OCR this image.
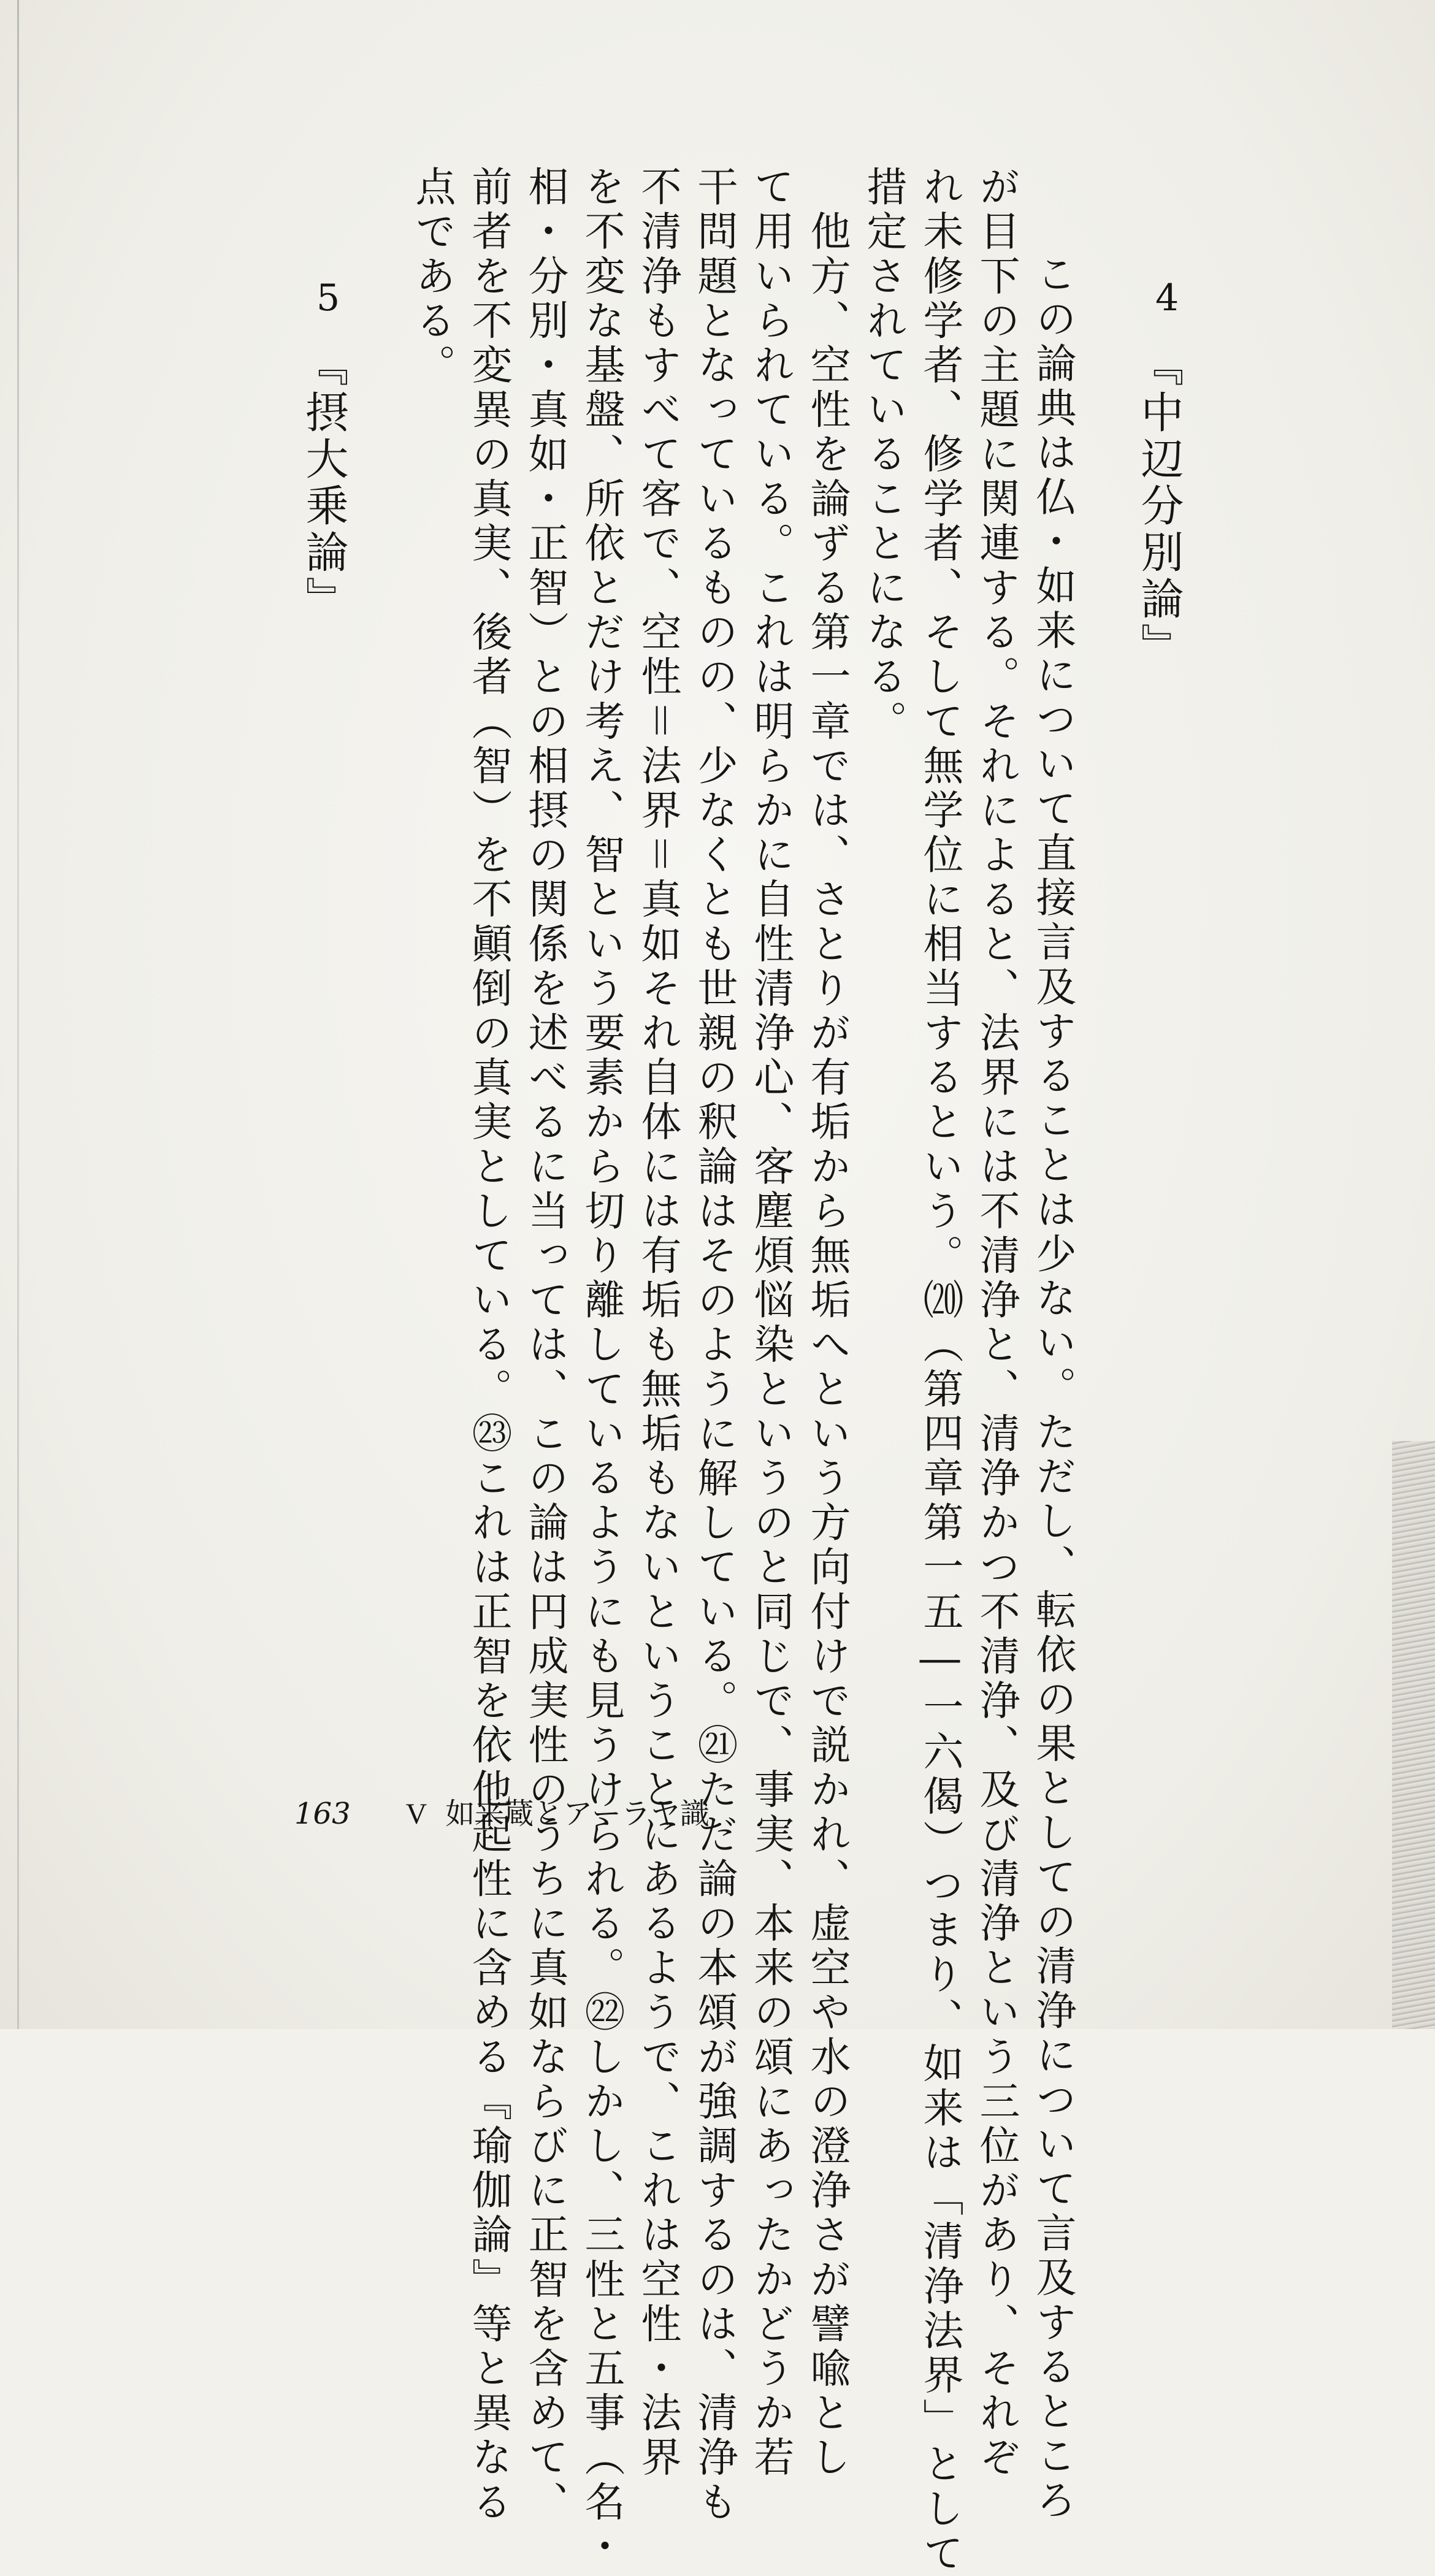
4
『中辺分別論』

　この論典は仏・如来について直接言及することは少ない。ただし、転依の果としての清浄について言及するところ

が目下の主題に関連する。それによると、法界には不清浄と、清浄かつ不清浄、及び清浄という三位があり、それぞ

れ未修学者、修学者、そして無学位に相当するという。⒇（第四章第一五―一六偈）つまり、如来は「清浄法界」として

措定されていることになる。

　他方、空性を論ずる第一章では、さとりが有垢から無垢へという方向付けで説かれ、虚空や水の澄浄さが譬喩とし

て用いられている。これは明らかに自性清浄心、客塵煩悩染というのと同じで、事実、本来の頌にあったかどうか若

干問題となっているものの、少なくとも世親の釈論はそのように解している。㉑ただ論の本頌が強調するのは、清浄も

不清浄もすべて客で、空性＝法界＝真如それ自体には有垢も無垢もないということにあるようで、これは空性・法界

を不変な基盤、所依とだけ考え、智という要素から切り離しているようにも見うけられる。㉒しかし、三性と五事（名・

相・分別・真如・正智）との相摂の関係を述べるに当っては、この論は円成実性のうちに真如ならびに正智を含めて、

前者を不変異の真実、後者（智）を不顚倒の真実としている。㉓これは正智を依他起性に含める『瑜伽論』等と異なる

点である。

5
『摂大乗論』
163 V 如来蔵とアーラヤ識
